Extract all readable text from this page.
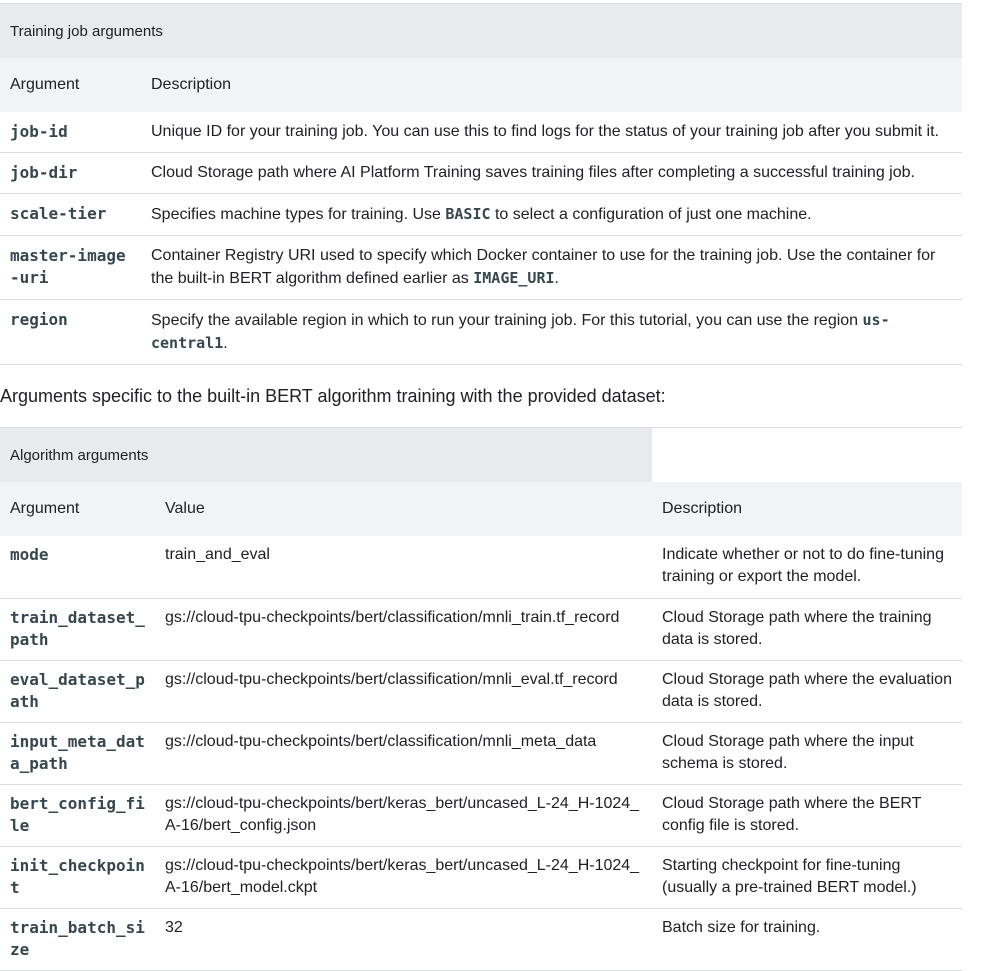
Training job arguments	
Argument	Description
job-id	Unique ID for your training job. You can use this to find logs for the status of your training job after you submit it.
job-dir	Cloud Storage path where AI Platform Training saves training files after completing a successful training job.
scale-tier	Specifies machine types for training. Use BASIC to select a configuration of just one machine.
master-image-uri	Container Registry URI used to specify which Docker container to use for the training job. Use the container for the built-in BERT algorithm defined earlier as IMAGE_URI.
region	Specify the available region in which to run your training job. For this tutorial, you can use the region us-central1.
Arguments specific to the built-in BERT algorithm training with the provided dataset:
Algorithm arguments		
Argument	Value	Description
mode	train_and_eval	Indicate whether or not to do fine-tuning training or export the model.
train_dataset_path	gs://cloud-tpu-checkpoints/bert/classification/mnli_train.tf_record	Cloud Storage path where the training data is stored.
eval_dataset_path	gs://cloud-tpu-checkpoints/bert/classification/mnli_eval.tf_record	Cloud Storage path where the evaluation data is stored.
input_meta_data_path	gs://cloud-tpu-checkpoints/bert/classification/mnli_meta_data	Cloud Storage path where the input schema is stored.
bert_config_file	gs://cloud-tpu-checkpoints/bert/keras_bert/uncased_L-24_H-1024_A-16/bert_config.json	Cloud Storage path where the BERT config file is stored.
init_checkpoint	gs://cloud-tpu-checkpoints/bert/keras_bert/uncased_L-24_H-1024_A-16/bert_model.ckpt	Starting checkpoint for fine-tuning (usually a pre-trained BERT model.)
train_batch_size	32	Batch size for training.
